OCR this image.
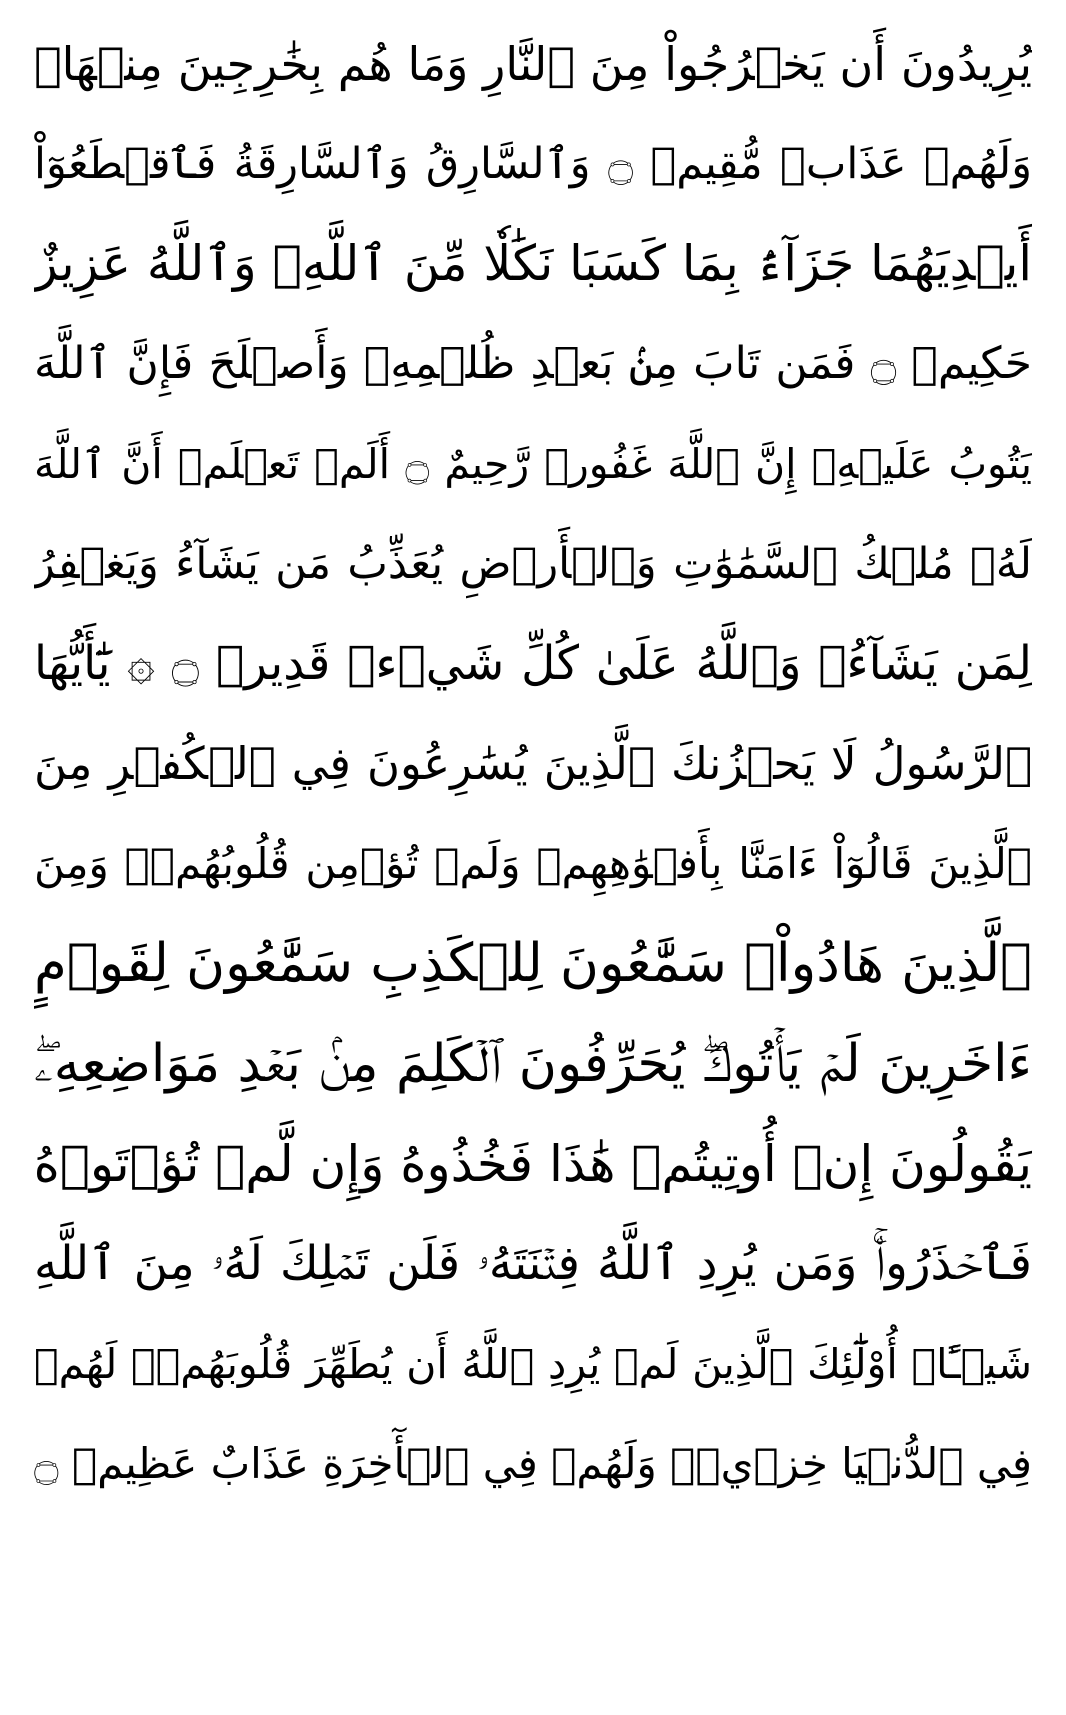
يُرِيدُونَ أَن يَخۡرُجُواْ مِنَ ٱلنَّارِ وَمَا هُم بِخَٰرِجِينَ مِنۡهَاۖ
وَلَهُمۡ عَذَابٞ مُّقِيمٞ ۝ وَٱلسَّارِقُ وَٱلسَّارِقَةُ فَٱقۡطَعُوٓاْ
أَيۡدِيَهُمَا جَزَآءَۢ بِمَا كَسَبَا نَكَٰلٗا مِّنَ ٱللَّهِۗ وَٱللَّهُ عَزِيزٌ
حَكِيمٞ ۝ فَمَن تَابَ مِنۢ بَعۡدِ ظُلۡمِهِۦ وَأَصۡلَحَ فَإِنَّ ٱللَّهَ
يَتُوبُ عَلَيۡهِۚ إِنَّ ٱللَّهَ غَفُورٞ رَّحِيمٌ ۝ أَلَمۡ تَعۡلَمۡ أَنَّ ٱللَّهَ
لَهُۥ مُلۡكُ ٱلسَّمَٰوَٰتِ وَٱلۡأَرۡضِ يُعَذِّبُ مَن يَشَآءُ وَيَغۡفِرُ
لِمَن يَشَآءُۗ وَٱللَّهُ عَلَىٰ كُلِّ شَيۡءٖ قَدِيرٞ ۝ ۞ يَٰٓأَيُّهَا
ٱلرَّسُولُ لَا يَحۡزُنكَ ٱلَّذِينَ يُسَٰرِعُونَ فِي ٱلۡكُفۡرِ مِنَ
ٱلَّذِينَ قَالُوٓاْ ءَامَنَّا بِأَفۡوَٰهِهِمۡ وَلَمۡ تُؤۡمِن قُلُوبُهُمۡۛ وَمِنَ
ٱلَّذِينَ هَادُواْۛ سَمَّٰعُونَ لِلۡكَذِبِ سَمَّٰعُونَ لِقَوۡمٍ
ءَاخَرِينَ لَمۡ يَأۡتُوكَۖ يُحَرِّفُونَ ٱلۡكَلِمَ مِنۢ بَعۡدِ مَوَاضِعِهِۦۖ
يَقُولُونَ إِنۡ أُوتِيتُمۡ هَٰذَا فَخُذُوهُ وَإِن لَّمۡ تُؤۡتَوۡهُ
فَٱحۡذَرُواْۚ وَمَن يُرِدِ ٱللَّهُ فِتۡنَتَهُۥ فَلَن تَمۡلِكَ لَهُۥ مِنَ ٱللَّهِ
شَيۡـًٔاۚ أُوْلَٰٓئِكَ ٱلَّذِينَ لَمۡ يُرِدِ ٱللَّهُ أَن يُطَهِّرَ قُلُوبَهُمۡۚ لَهُمۡ
فِي ٱلدُّنۡيَا خِزۡيٞۖ وَلَهُمۡ فِي ٱلۡأٓخِرَةِ عَذَابٌ عَظِيمٞ ۝
